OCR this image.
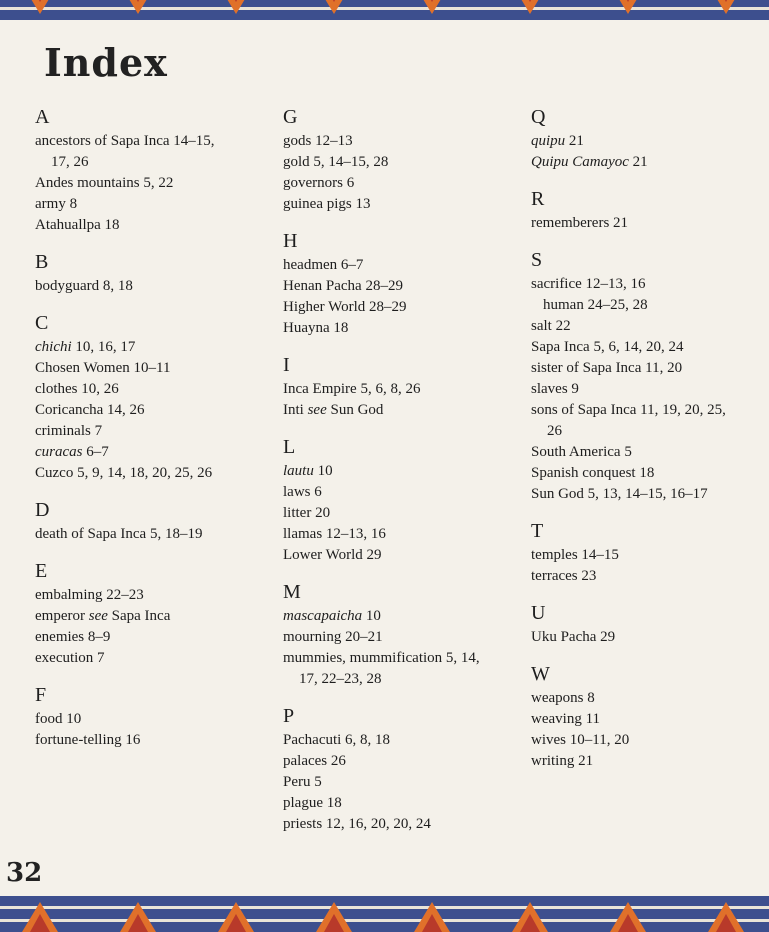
Index
A
ancestors of Sapa Inca 14–15,
17, 26
Andes mountains 5, 22
army 8
Atahuallpa 18
B
bodyguard 8, 18
C
chichi 10, 16, 17
Chosen Women 10–11
clothes 10, 26
Coricancha 14, 26
criminals 7
curacas 6–7
Cuzco 5, 9, 14, 18, 20, 25, 26
D
death of Sapa Inca 5, 18–19
E
embalming 22–23
emperor see Sapa Inca
enemies 8–9
execution 7
F
food 10
fortune-telling 16
G
gods 12–13
gold 5, 14–15, 28
governors 6
guinea pigs 13
H
headmen 6–7
Henan Pacha 28–29
Higher World 28–29
Huayna 18
I
Inca Empire 5, 6, 8, 26
Inti see Sun God
L
lautu 10
laws 6
litter 20
llamas 12–13, 16
Lower World 29
M
mascapaicha 10
mourning 20–21
mummies, mummification 5, 14,
17, 22–23, 28
P
Pachacuti 6, 8, 18
palaces 26
Peru 5
plague 18
priests 12, 16, 20, 20, 24
Q
quipu 21
Quipu Camayoc 21
R
rememberers 21
S
sacrifice 12–13, 16
human 24–25, 28
salt 22
Sapa Inca 5, 6, 14, 20, 24
sister of Sapa Inca 11, 20
slaves 9
sons of Sapa Inca 11, 19, 20, 25,
26
South America 5
Spanish conquest 18
Sun God 5, 13, 14–15, 16–17
T
temples 14–15
terraces 23
U
Uku Pacha 29
W
weapons 8
weaving 11
wives 10–11, 20
writing 21
32
